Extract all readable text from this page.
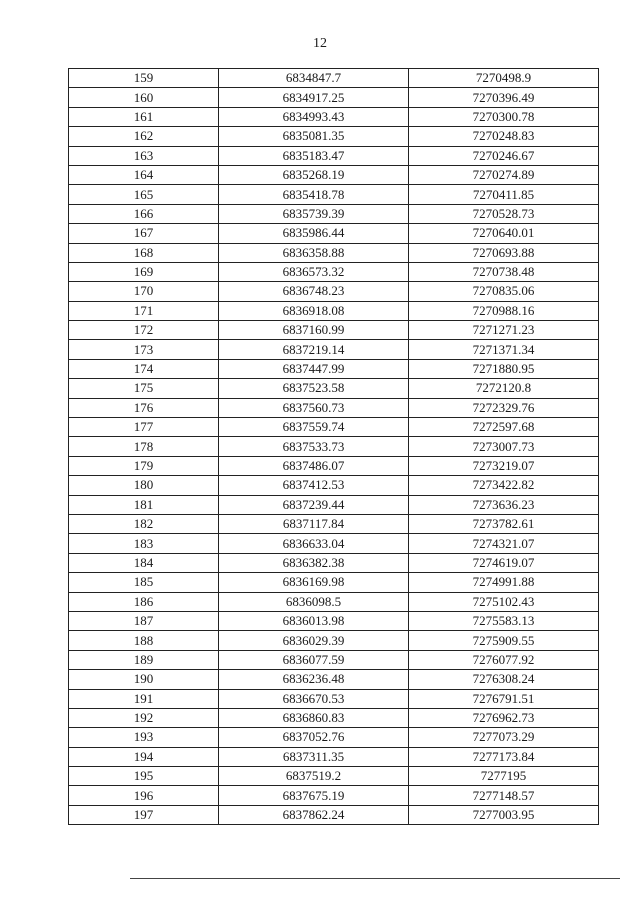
12
159	6834847.7	7270498.9
160	6834917.25	7270396.49
161	6834993.43	7270300.78
162	6835081.35	7270248.83
163	6835183.47	7270246.67
164	6835268.19	7270274.89
165	6835418.78	7270411.85
166	6835739.39	7270528.73
167	6835986.44	7270640.01
168	6836358.88	7270693.88
169	6836573.32	7270738.48
170	6836748.23	7270835.06
171	6836918.08	7270988.16
172	6837160.99	7271271.23
173	6837219.14	7271371.34
174	6837447.99	7271880.95
175	6837523.58	7272120.8
176	6837560.73	7272329.76
177	6837559.74	7272597.68
178	6837533.73	7273007.73
179	6837486.07	7273219.07
180	6837412.53	7273422.82
181	6837239.44	7273636.23
182	6837117.84	7273782.61
183	6836633.04	7274321.07
184	6836382.38	7274619.07
185	6836169.98	7274991.88
186	6836098.5	7275102.43
187	6836013.98	7275583.13
188	6836029.39	7275909.55
189	6836077.59	7276077.92
190	6836236.48	7276308.24
191	6836670.53	7276791.51
192	6836860.83	7276962.73
193	6837052.76	7277073.29
194	6837311.35	7277173.84
195	6837519.2	7277195
196	6837675.19	7277148.57
197	6837862.24	7277003.95
